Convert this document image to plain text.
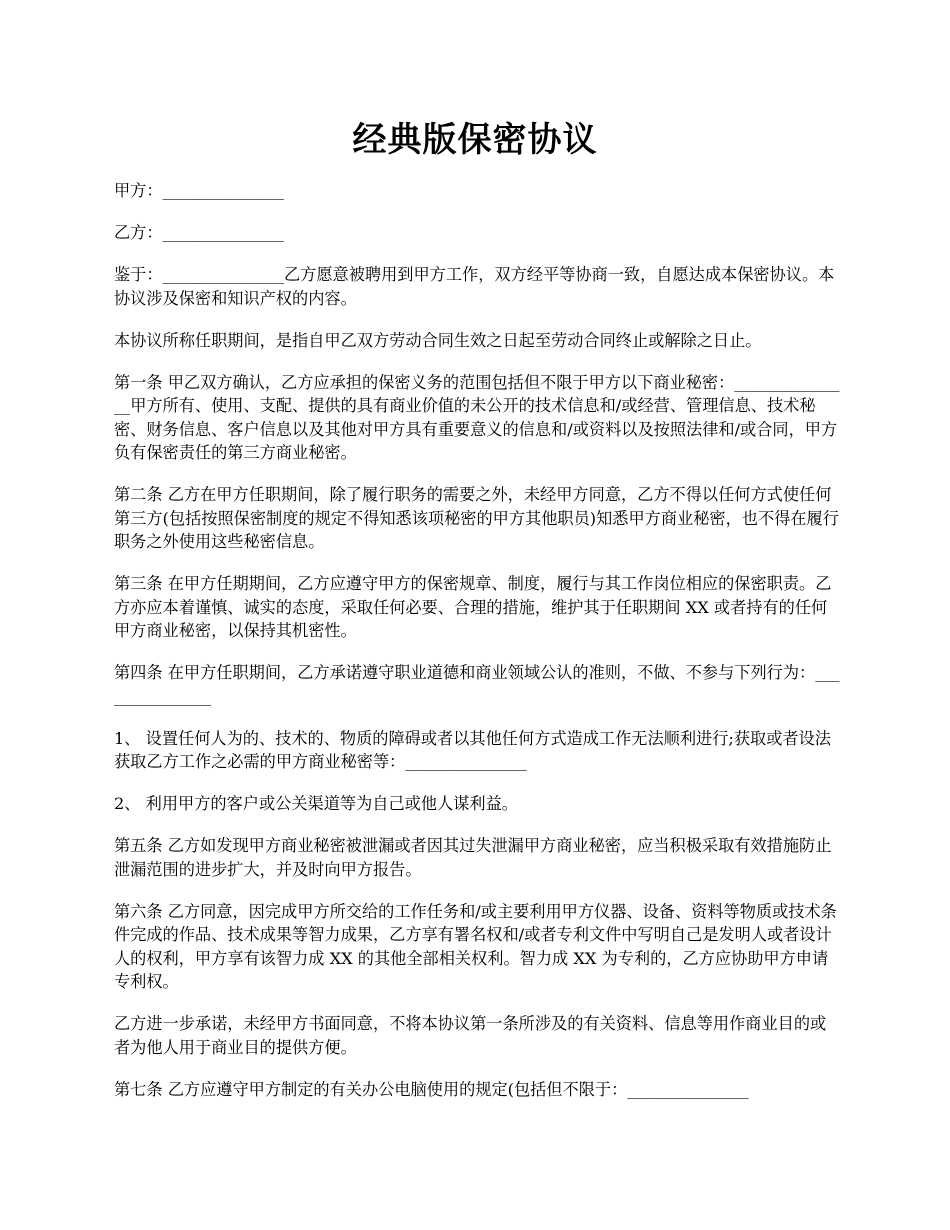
经典版保密协议

甲方：_______________

乙方：_______________

鉴于：_______________乙方愿意被聘用到甲方工作，双方经平等协商一致，自愿达成本保密协议。本协议涉及保密和知识产权的内容。

本协议所称任职期间，是指自甲乙双方劳动合同生效之日起至劳动合同终止或解除之日止。

第一条 甲乙双方确认，乙方应承担的保密义务的范围包括但不限于甲方以下商业秘密：_______________甲方所有、使用、支配、提供的具有商业价值的未公开的技术信息和/或经营、管理信息、技术秘密、财务信息、客户信息以及其他对甲方具有重要意义的信息和/或资料以及按照法律和/或合同，甲方负有保密责任的第三方商业秘密。

第二条 乙方在甲方任职期间，除了履行职务的需要之外，未经甲方同意，乙方不得以任何方式使任何第三方(包括按照保密制度的规定不得知悉该项秘密的甲方其他职员)知悉甲方商业秘密，也不得在履行职务之外使用这些秘密信息。

第三条 在甲方任期期间，乙方应遵守甲方的保密规章、制度，履行与其工作岗位相应的保密职责。乙方亦应本着谨慎、诚实的态度，采取任何必要、合理的措施，维护其于任职期间 XX 或者持有的任何甲方商业秘密，以保持其机密性。

第四条 在甲方任职期间，乙方承诺遵守职业道德和商业领域公认的准则，不做、不参与下列行为：_______________

1、 设置任何人为的、技术的、物质的障碍或者以其他任何方式造成工作无法顺利进行;获取或者设法获取乙方工作之必需的甲方商业秘密等：_______________

2、 利用甲方的客户或公关渠道等为自己或他人谋利益。

第五条 乙方如发现甲方商业秘密被泄漏或者因其过失泄漏甲方商业秘密，应当积极采取有效措施防止泄漏范围的进步扩大，并及时向甲方报告。

第六条 乙方同意，因完成甲方所交给的工作任务和/或主要利用甲方仪器、设备、资料等物质或技术条件完成的作品、技术成果等智力成果，乙方享有署名权和/或者专利文件中写明自己是发明人或者设计人的权利，甲方享有该智力成 XX 的其他全部相关权利。智力成 XX 为专利的，乙方应协助甲方申请专利权。

乙方进一步承诺，未经甲方书面同意，不将本协议第一条所涉及的有关资料、信息等用作商业目的或者为他人用于商业目的提供方便。

第七条 乙方应遵守甲方制定的有关办公电脑使用的规定(包括但不限于：_______________
